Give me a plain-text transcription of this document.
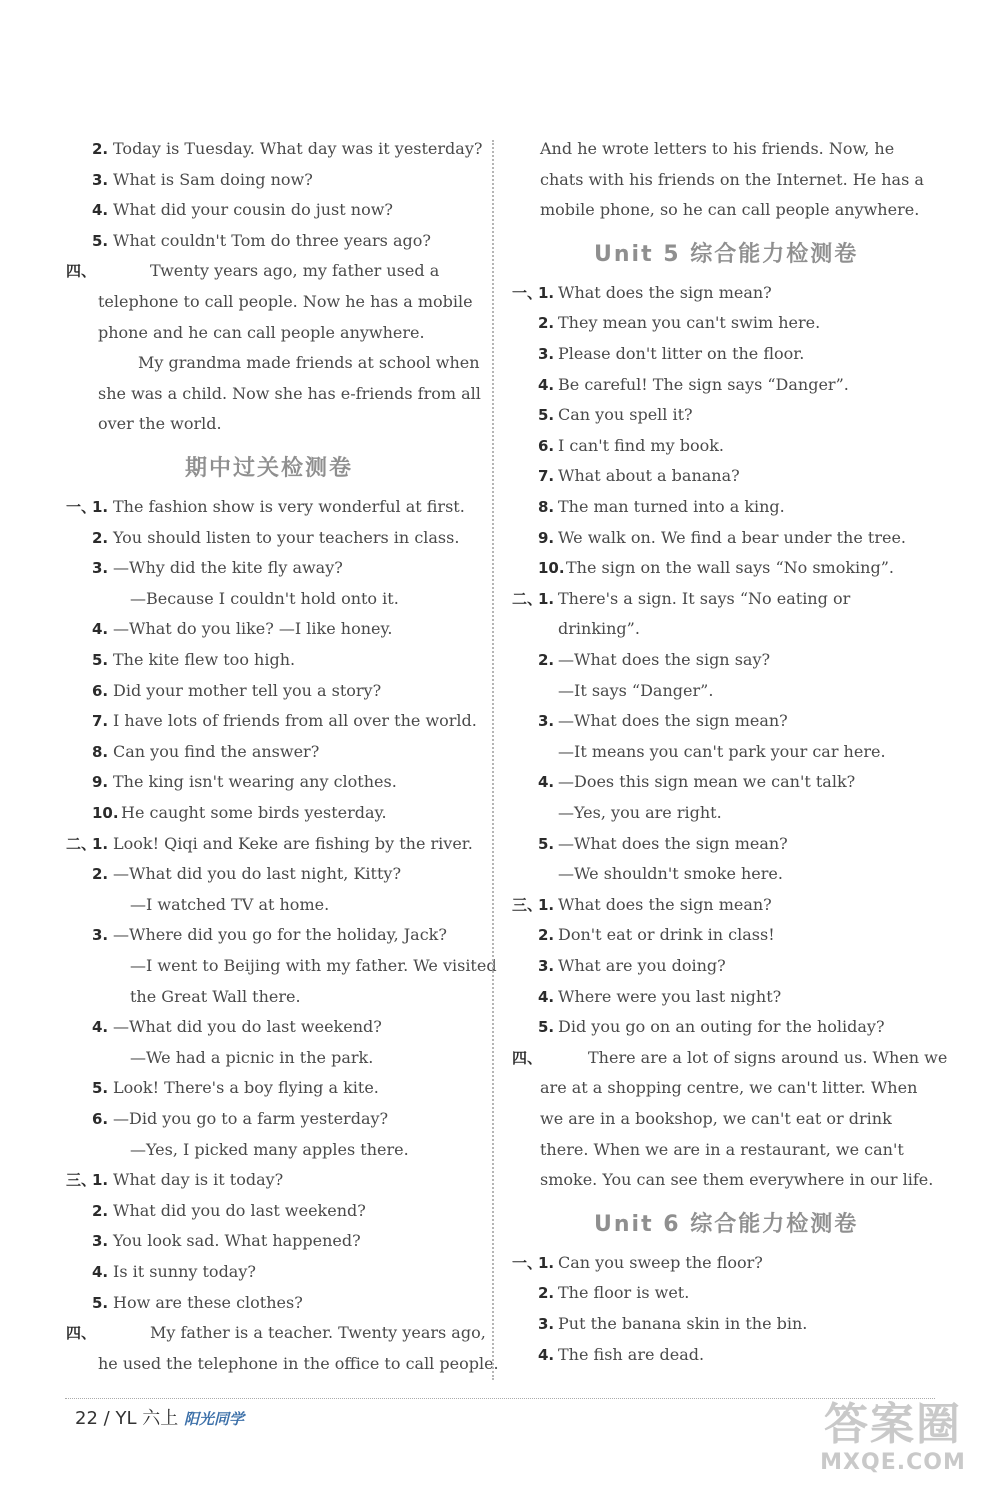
2. Today is Tuesday. What day was it yesterday?
3. What is Sam doing now?
4. What did your cousin do just now?
5. What couldn't Tom do three years ago?
四、	Twenty years ago, my father used a
telephone to call people. Now he has a mobile
phone and he can call people anywhere.
My grandma made friends at school when
she was a child. Now she has e-friends from all
over the world.
期中过关检测卷
一、
1. The fashion show is very wonderful at first.
2. You should listen to your teachers in class.
3. —Why did the kite fly away?
—Because I couldn't hold onto it.
4. —What do you like? —I like honey.
5. The kite flew too high.
6. Did your mother tell you a story?
7. I have lots of friends from all over the world.
8. Can you find the answer?
9. The king isn't wearing any clothes.
10. He caught some birds yesterday.
二、
1. Look! Qiqi and Keke are fishing by the river.
2. —What did you do last night, Kitty?
—I watched TV at home.
3. —Where did you go for the holiday, Jack?
—I went to Beijing with my father. We visited
the Great Wall there.
4. —What did you do last weekend?
—We had a picnic in the park.
5. Look! There's a boy flying a kite.
6. —Did you go to a farm yesterday?
—Yes, I picked many apples there.
三、
1. What day is it today?
2. What did you do last weekend?
3. You look sad. What happened?
4. Is it sunny today?
5. How are these clothes?
四、	My father is a teacher. Twenty years ago,
he used the telephone in the office to call people.
And he wrote letters to his friends. Now, he
chats with his friends on the Internet. He has a
mobile phone, so he can call people anywhere.
Unit 5 综合能力检测卷
一、
1. What does the sign mean?
2. They mean you can't swim here.
3. Please don't litter on the floor.
4. Be careful! The sign says “Danger”.
5. Can you spell it?
6. I can't find my book.
7. What about a banana?
8. The man turned into a king.
9. We walk on. We find a bear under the tree.
10. The sign on the wall says “No smoking”.
二、
1. There's a sign. It says “No eating or
drinking”.
2. —What does the sign say?
—It says “Danger”.
3. —What does the sign mean?
—It means you can't park your car here.
4. —Does this sign mean we can't talk?
—Yes, you are right.
5. —What does the sign mean?
—We shouldn't smoke here.
三、
1. What does the sign mean?
2. Don't eat or drink in class!
3. What are you doing?
4. Where were you last night?
5. Did you go on an outing for the holiday?
四、	There are a lot of signs around us. When we
are at a shopping centre, we can't litter. When
we are in a bookshop, we can't eat or drink
there. When we are in a restaurant, we can't
smoke. You can see them everywhere in our life.
Unit 6 综合能力检测卷
一、
1. Can you sweep the floor?
2. The floor is wet.
3. Put the banana skin in the bin.
4. The fish are dead.
22 / YL 六上 阳光同学	答案圈
MXQE.COM
